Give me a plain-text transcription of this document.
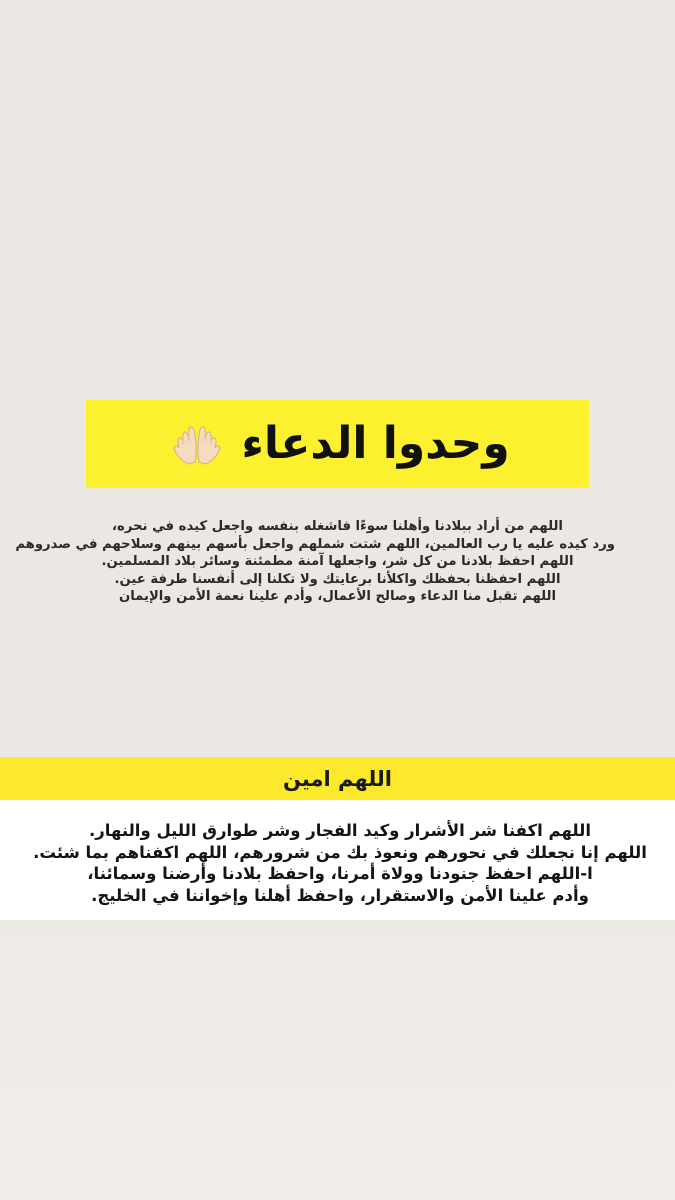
وحدوا الدعاء
اللهم من أراد ببلادنا وأهلنا سوءًا فاشغله بنفسه واجعل كيده في نحره،
ورد كيده عليه يا رب العالمين، اللهم شتت شملهم واجعل بأسهم بينهم وسلاحهم في صدروهم
اللهم احفظ بلادنا من كل شر، واجعلها آمنة مطمئنة وسائر بلاد المسلمين.
اللهم احفظنا بحفظك واكلأنا برعايتك ولا تكلنا إلى أنفسنا طرفة عين.
اللهم تقبل منا الدعاء وصالح الأعمال، وأدم علينا نعمة الأمن والإيمان
اللهم امين
اللهم اكفنا شر الأشرار وكيد الفجار وشر طوارق الليل والنهار.
اللهم إنا نجعلك في نحورهم ونعوذ بك من شرورهم، اللهم اكفناهم بما شئت.
ا-اللهم احفظ جنودنا وولاة أمرنا، واحفظ بلادنا وأرضنا وسمائنا،
وأدم علينا الأمن والاستقرار، واحفظ أهلنا وإخواننا في الخليج.
